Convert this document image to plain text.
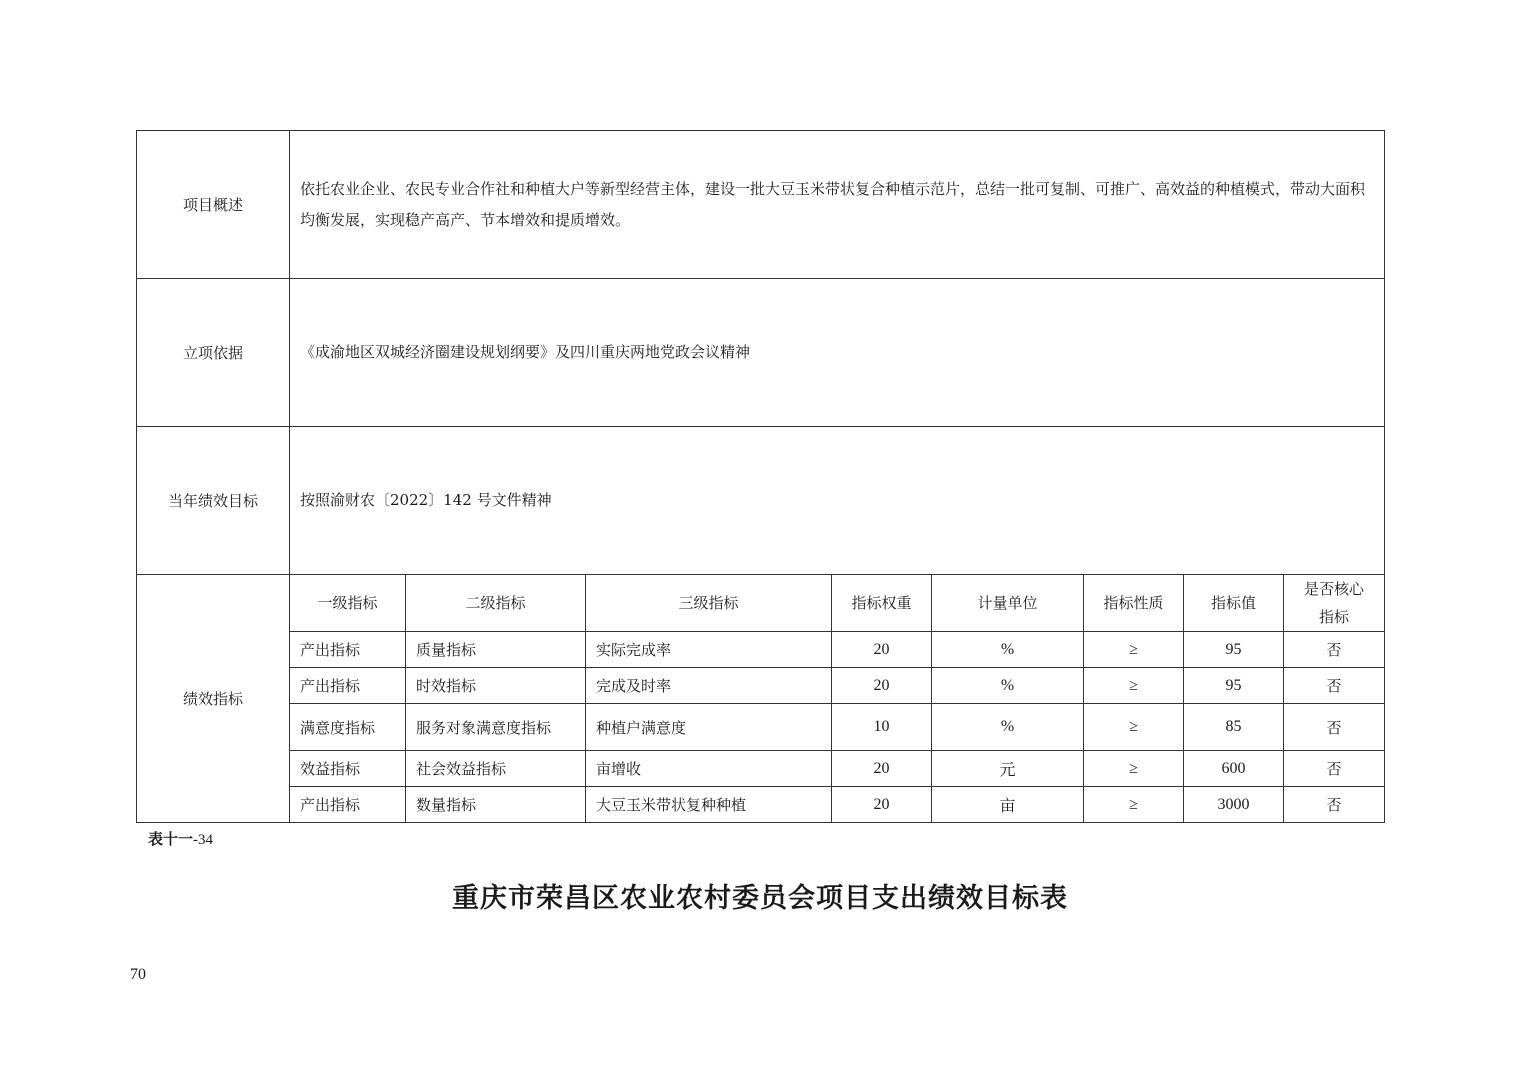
项目概述	依托农业企业、农民专业合作社和种植大户等新型经营主体，建设一批大豆玉米带状复合种植示范片，总结一批可复制、可推广、高效益的种植模式，带动大面积均衡发展，实现稳产高产、节本增效和提质增效。							
立项依据	《成渝地区双城经济圈建设规划纲要》及四川重庆两地党政会议精神							
当年绩效目标	按照渝财农〔2022〕142 号文件精神							
绩效指标	一级指标	二级指标	三级指标	指标权重	计量单位	指标性质	指标值	是否核心指标
	产出指标	质量指标	实际完成率	20	%	≥	95	否
	产出指标	时效指标	完成及时率	20	%	≥	95	否
	满意度指标	服务对象满意度指标	种植户满意度	10	%	≥	85	否
	效益指标	社会效益指标	亩增收	20	元	≥	600	否
	产出指标	数量指标	大豆玉米带状复种种植	20	亩	≥	3000	否
表十一-34
重庆市荣昌区农业农村委员会项目支出绩效目标表
70
